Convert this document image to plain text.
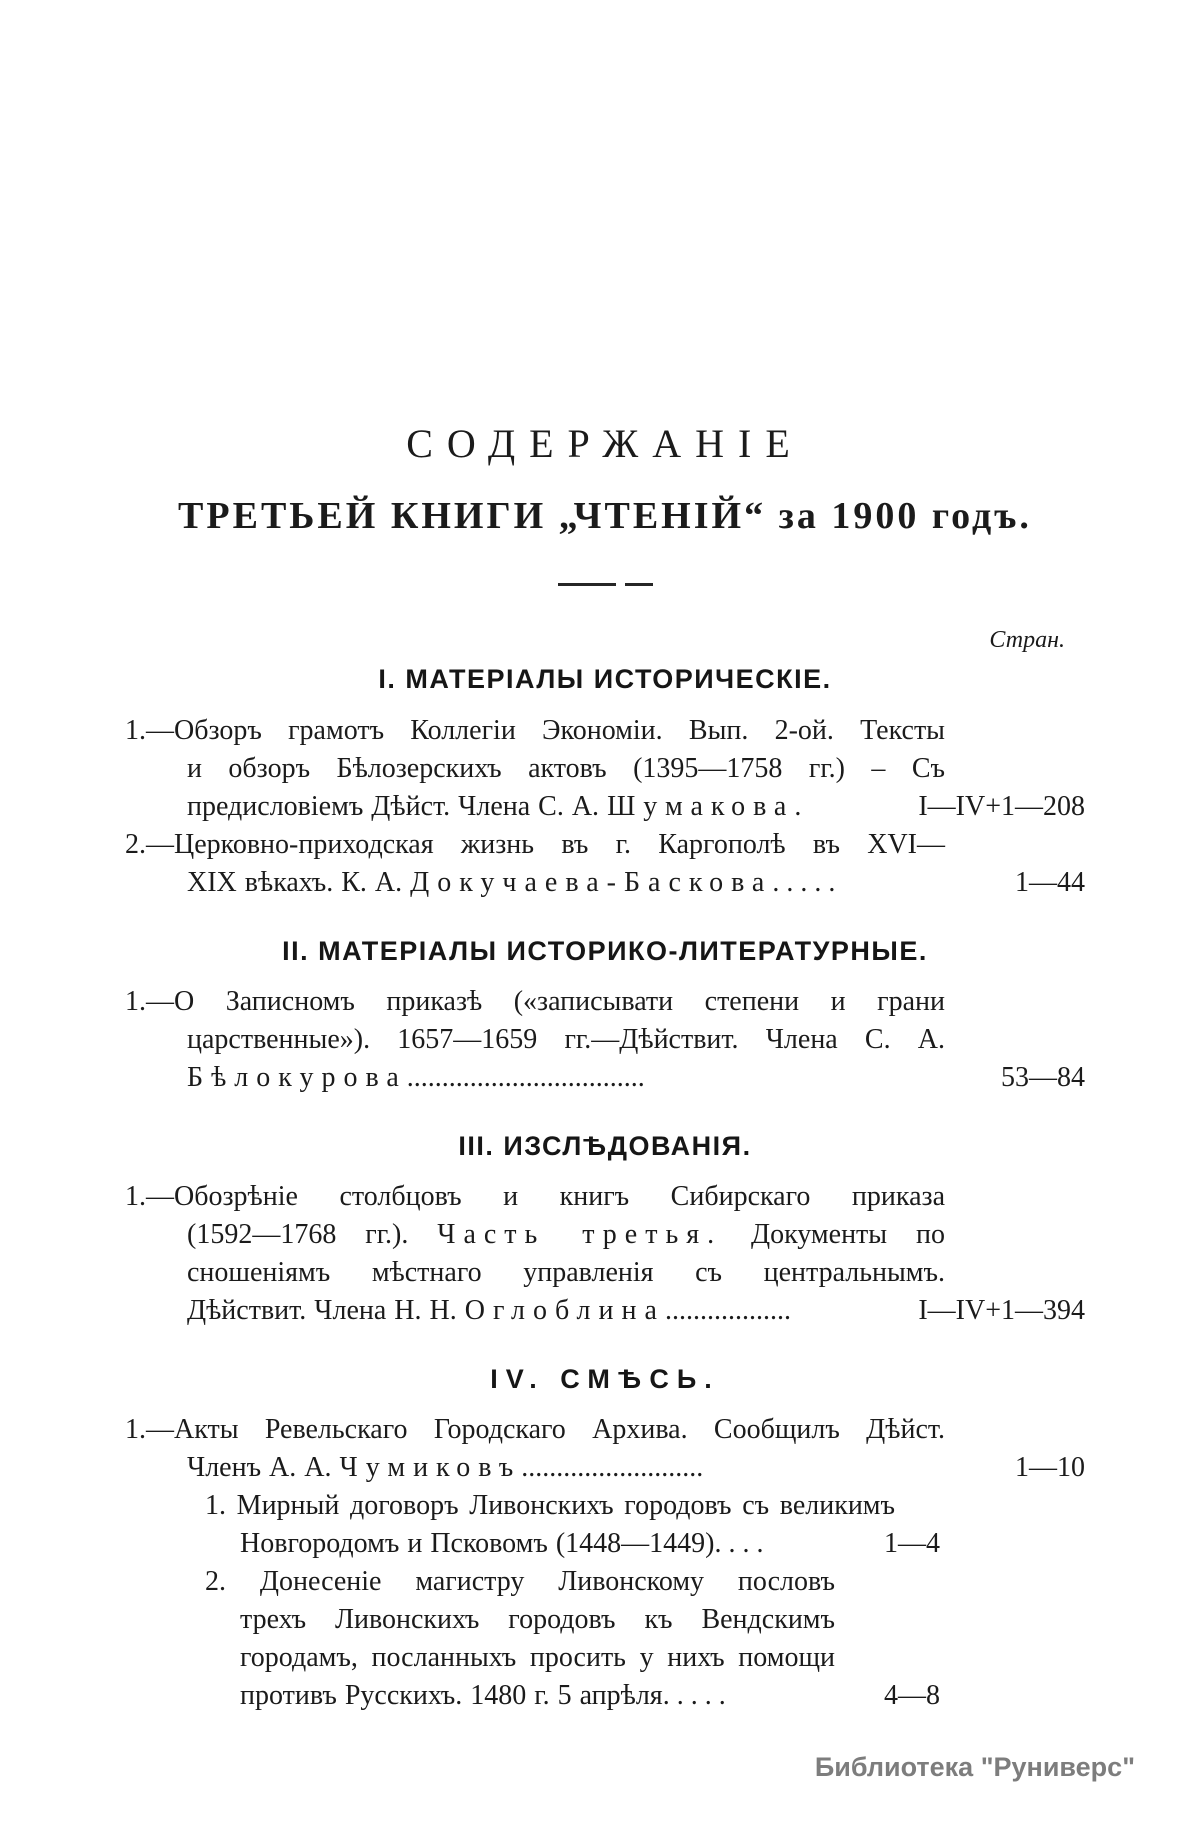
СОДЕРЖАНІЕ
ТРЕТЬЕЙ КНИГИ „ЧТЕНІЙ“ за 1900 годъ.
Стран.
I. МАТЕРІАЛЫ ИСТОРИЧЕСКІЕ.
1.—Обзоръ грамотъ Коллегіи Экономіи. Вып. 2-ой. Тексты
и обзоръ Бѣлозерскихъ актовъ (1395—1758 гг.) – Съ
предисловіемъ Дѣйст. Члена С. А. Шумакова.	I—IV+1—208
2.—Церковно-приходская жизнь въ г. Каргополѣ въ XVI—
XIX вѣкахъ. К. А. Докучаева-Баскова.....	1—44
II. МАТЕРІАЛЫ ИСТОРИКО-ЛИТЕРАТУРНЫЕ.
1.—О Записномъ приказѣ («записывати степени и грани
царственные»). 1657—1659 гг.—Дѣйствит. Члена С. А.
Бѣлокурова..................................	53—84
III. ИЗСЛѢДОВАНІЯ.
1.—Обозрѣніе столбцовъ и книгъ Сибирскаго приказа
(1592—1768 гг.). Часть третья. Документы по
сношеніямъ мѣстнаго управленія съ центральнымъ.
Дѣйствит. Члена Н. Н. Оглоблина..................	I—IV+1—394
IV. СМѢСЬ.
1.—Акты Ревельскаго Городскаго Архива. Сообщилъ Дѣйст.
Членъ А. А. Чумиковъ..........................	1—10
1. Мирный договоръ Ливонскихъ городовъ съ великимъ
Новгородомъ и Псковомъ (1448—1449)....	1—4
2. Донесеніе магистру Ливонскому пословъ
трехъ Ливонскихъ городовъ къ Вендскимъ
городамъ, посланныхъ просить у нихъ помощи
противъ Русскихъ. 1480 г. 5 апрѣля.....	4—8
Библиотека "Руниверс"
